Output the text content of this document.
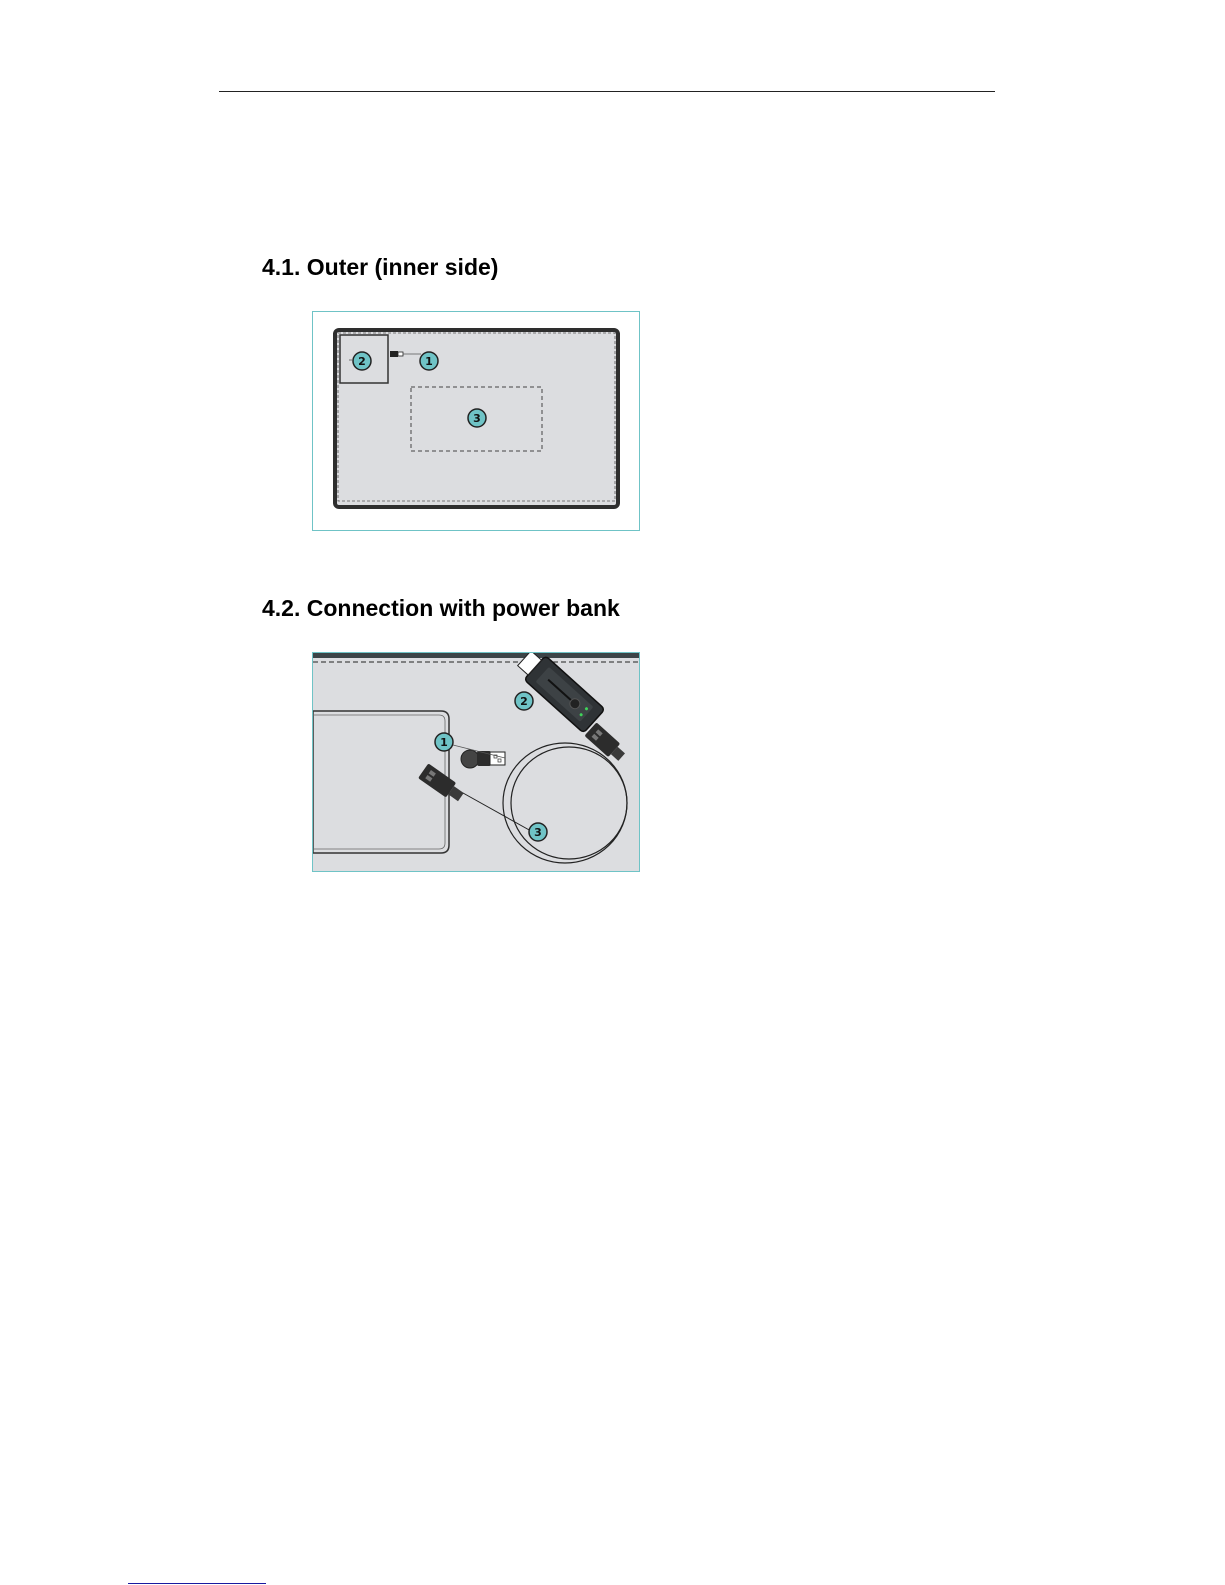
4.1. Outer (inner side)
1
2
3
4.2. Connection with power bank
1
2
3
